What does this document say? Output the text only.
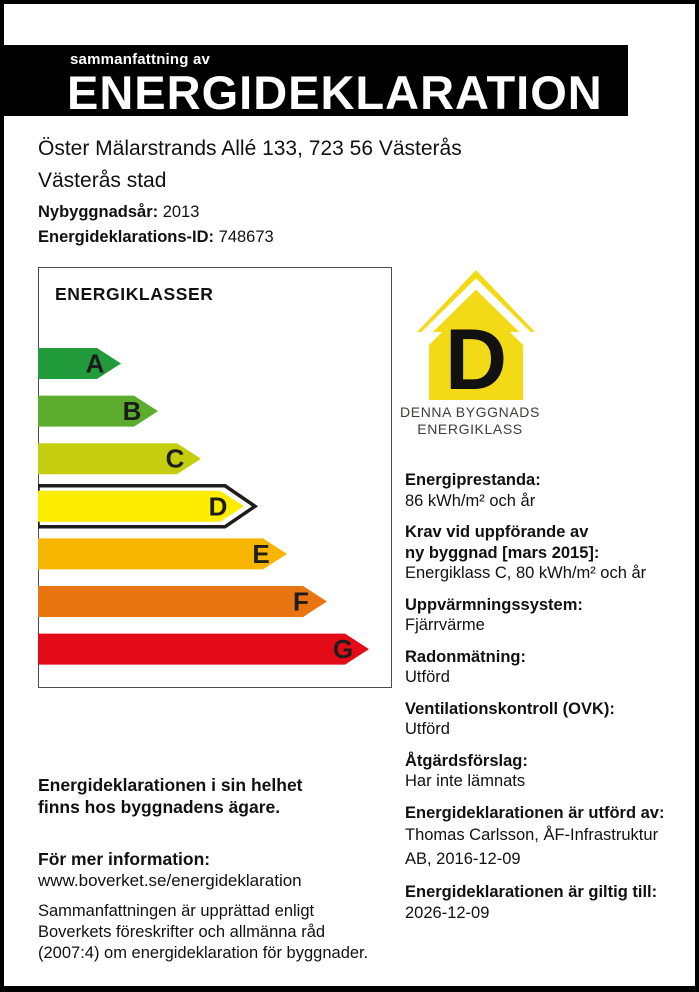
sammanfattning av
ENERGIDEKLARATION
Öster Mälarstrands Allé 133, 723 56 Västerås
Västerås stad
Nybyggnadsår: 2013
Energideklarations-ID: 748673
ENERGIKLASSER
A
B
C
D
E
F
G
D
DENNA BYGGNADS
ENERGIKLASS
Energiprestanda:
86 kWh/m² och år
Krav vid uppförande av
ny byggnad [mars 2015]:
Energiklass C, 80 kWh/m² och år
Uppvärmningssystem:
Fjärrvärme
Radonmätning:
Utförd
Ventilationskontroll (OVK):
Utförd
Åtgärdsförslag:
Har inte lämnats
Energideklarationen är utförd av:
Thomas Carlsson, ÅF-Infrastruktur
AB, 2016-12-09
Energideklarationen är giltig till:
2026-12-09
Energideklarationen i sin helhet
finns hos byggnadens ägare.
För mer information:
www.boverket.se/energideklaration
Sammanfattningen är upprättad enligt
Boverkets föreskrifter och allmänna råd
(2007:4) om energideklaration för byggnader.
